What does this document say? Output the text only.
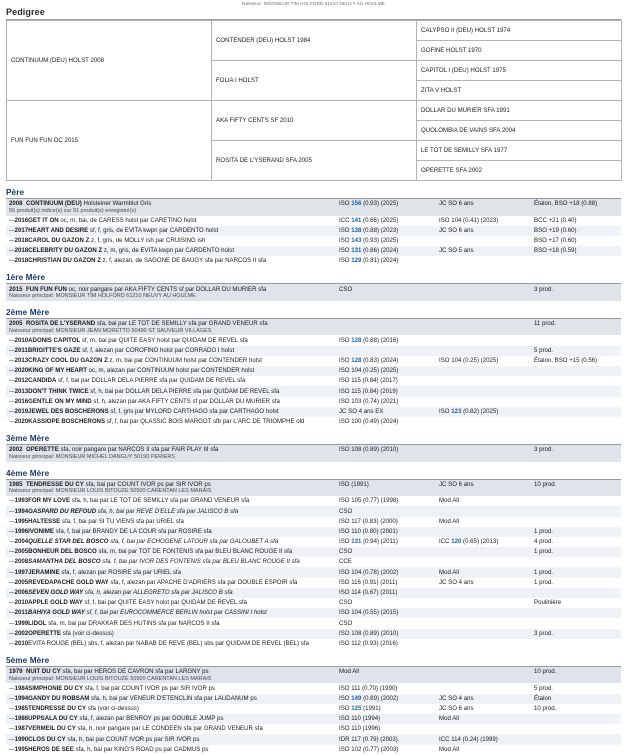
Naisseur: MONSIEUR TIM HOLFORD 61210 NEUVY AU HOULME
Pedigree
CONTINUUM (DEU) HOLST 2008	CONTENDER (DEU) HOLST 1984	CALYPSO II (DEU) HOLST 1974
		GOFINE HOLST 1970
	FOLIA I HOLST	CAPITOL I (DEU) HOLST 1975
		ZITA V HOLST
FUN FUN FUN OC 2015	AKA FIFTY CENTS SF 2010	DOLLAR DU MURIER SFA 1991
		QUOLOMBIA DE VAINS SFA 2004
	ROSITA DE L'YSERAND SFA 2005	LE TOT DE SEMILLY SFA 1977
		OPERETTE SFA 2002
Père
2008 CONTINUUM (DEU) Holsteiner Warmblut Gris
56 produit(s) indice(s) sur 91 produit(s) enregistré(s)	ISO 156 (0.93) (2025)	JC SO 6 ans	Étalon, BSO +18 (0.88)
—2016GET IT ON oc, m, bai, de CARESS holst par CARETINO holst	ICC 141 (0.66) (2025)	ISO 104 (0.41) (2023)	BCC +21 (0.40)
—2017HEART AND DESIRE sf, f, gris, de EVITA kwpn par CARDENTO holst	ISO 138 (0.88) (2023)	JC SO 6 ans	BSO +19 (0.60)
—2018CAROL DU GAZON Z z, f, gris, de MOLLY ish par CRUISING ish	ISO 143 (0.93) (2025)		BSO +17 (0.60)
—2018CELEBRITY DU GAZON Z z, m, gris, de EVITA kwpn par CARDENTO holst	ISO 131 (0.86) (2024)	JC SO 5 ans	BSO +18 (0.59)
—2018CHRISTIAN DU GAZON Z z, f, alezan, de SAGONE DE BAUGY sfa par NARCOS II sfa	ISO 129 (0.81) (2024)		
1ère Mère
2015 FUN FUN FUN oc, noir pangare par AKA FIFTY CENTS sf par DOLLAR DU MURIER sfa
Naisseur principal: MONSIEUR TIM HOLFORD 61210 NEUVY AU HOULME
	CSO		3 prod.
2ème Mère
2005 ROSITA DE L'YSERAND sfa, bai par LE TOT DE SEMILLY sfa par GRAND VENEUR sfa
Naisseur principal: MONSIEUR JEAN MORETTO 50490 ST SAUVEUR VILLAGES			11 prod.
—2010ADONIS CAPITOL sf, m, bai par QUITE EASY holst par QUIDAM DE REVEL sfa	ISO 128 (0.88) (2016)		
—2011BRIGITTE'S GAZE sf, f, alezan par COROFINO holst par CORRADO I holst			5 prod.
—2013CRAZY COOL DU GAZON Z z, m, bai par CONTINUUM holst par CONTENDER holst	ISO 128 (0.83) (2024)	ISO 104 (0.25) (2025)	Étalon, BSO +15 (0.56)
—2020KING OF MY HEART oc, m, alezan par CONTINUUM holst par CONTENDER holst	ISO 104 (0.25) (2025)		
—2012CANDIDA sf, f, bai par DOLLAR DELA PIERRE sfa par QUIDAM DE REVEL sfa	ISO 115 (0.84) (2017)		
—2013DON'T THINK TWICE sf, h, bai par DOLLAR DELA PIERRE sfa par QUIDAM DE REVEL sfa	ISO 115 (0.84) (2019)		
—2016GENTLE ON MY MIND sf, h, alezan par AKA FIFTY CENTS sf par DOLLAR DU MURIER sfa	ISO 103 (0.74) (2021)		
—2019JEWEL DES BOSCHERONS sf, f, gris par MYLORD CARTHAGO sfa par CARTHAGO holst	JC SO 4 ans EX	ISO 123 (0.82) (2025)	
—2020KASSIOPE BOSCHERONS sf, f, bai par QLASSIC BOIS MARGOT sfb par L'ARC DE TRIOMPHE old	ISO 100 (0.49) (2024)		
3ème Mère
2002 OPERETTE sfa, noir pangare par NARCOS II sfa par FAIR PLAY III sfa
Naisseur principal: MONSIEUR MICHEL DANGUY 50190 PERIERS
	ISO 108 (0.89) (2010)		3 prod.
4ème Mère
1985 TENDRESSE DU CY sfa, bai par COUNT IVOR ps par SIR IVOR ps
Naisseur principal: MONSIEUR LOUIS BITOUZE 50500 CARENTAN LES MARAIS	ISO (1991)	JC SO 6 ans	10 prod.
—1993FOR MY LOVE sfa, h, bai par LE TOT DE SEMILLY sfa par GRAND VENEUR sfa	ISO 105 (0.77) (1998)	Mod All	
—1994GASPARD DU REFOUD sfa, h, bai par REVE D'ELLE sfa par JALISCO B sfa	CSO		
—1995HALTESSE sfa, f, bai par SI TU VIENS sfa par URIEL sfa	ISO 117 (0.83) (2000)	Mod All	
—1996IVONIME sfa, f, bai par BRANDY DE LA COUR sfa par ROSIRE sfa	ISO 110 (0.80) (2001)		1 prod.
—2004QUELLE STAR DEL BOSCO sfa, f, bai par ECHOGENE LATOUR sfa par GALOUBET A sfa	ISO 131 (0.94) (2011)	ICC 120 (0.65) (2013)	4 prod.
—2005BONHEUR DEL BOSCO sfa, m, bai par TOT DE FONTENIS sfa par BLEU BLANC ROUGE II sfa	CSO		1 prod.
—2008SAMANTHA DEL BOSCO sfa, f, bai par IVOR DES FONTENIS sfa par BLEU BLANC ROUGE II sfa	CCE		
—1997JERAMINE sfa, f, alezan par ROSIRE sfa par URIEL sfa	ISO 104 (0.78) (2002)	Mod All	1 prod.
—2005REVEDAPACHE GOLD WAY sfa, f, alezan par APACHE D'ADRIERS sfa par DOUBLE ESPOIR sfa	ISO 116 (0.91) (2011)	JC SO 4 ans	1 prod.
—2006SEVEN GOLD WAY sfa, h, alezan par ALLEGRETO sfa par JALISCO B sfa	ISO 114 (0.67) (2011)		
—2010APPLE GOLD WAY sf, f, bai par QUITE EASY holst par QUIDAM DE REVEL sfa	CSO		Poulinière
—2011BAHIYA GOLD WAY sf, f, bai par EUROCOMMERCE BERLIN holst par CASSINI I holst	ISO 104 (0.55) (2015)		
—1999LIDOL sfa, m, bai par DRAKKAR DES HUTINS sfa par NARCOS II sfa	CSO		
—2002OPERETTE sfa (voir ci-dessus)	ISO 108 (0.89) (2010)		3 prod.
—2010EVITA ROUGE (BEL) sbs, f, alezan par NABAB DE REVE (BEL) sbs par QUIDAM DE REVEL (BEL) sfa	ISO 112 (0.93) (2016)		
5ème Mère
1979 NUIT DU CY sfa, bai par HEROS DE CAVRON sfa par LARGNY ps
Naisseur principal: MONSIEUR LOUIS BITOUZE 50500 CARENTAN LES MARAIS	Mod All		10 prod.
—1984SIMPHONIE DU CY sfa, f, bai par COUNT IVOR ps par SIR IVOR ps	ISO 111 (0.70) (1990)		5 prod.
—1994GANDY DU ROBSAM sfa, h, bai par VENEUR D'ETENCLIN sfa par LAUDANUM ps	ISO 149 (0.89) (2002)	JC SO 4 ans	Étalon
—1985TENDRESSE DU CY sfa (voir ci-dessus)	ISO 125 (1991)	JC SO 6 ans	10 prod.
—1986UPPSALA DU CY sfa, f, alezan par BENROY ps par DOUBLE JUMP ps	ISO 110 (1994)	Mod All	
—1987VERMEIL DU CY sfa, h, noir pangare par LE CONDEEN sfa par GRAND VENEUR sfa	ISO 110 (1996)		
—1990CLOS DU CY sfa, h, bai par COUNT IVOR ps par SIR IVOR ps	IDR 117 (0.79) (2003)	ICC 114 (0.24) (1999)	
—1995HEROS DE SEE sfa, h, bai par KING'S ROAD ps par CADMUS ps	ISO 102 (0.77) (2003)	Mod All	
